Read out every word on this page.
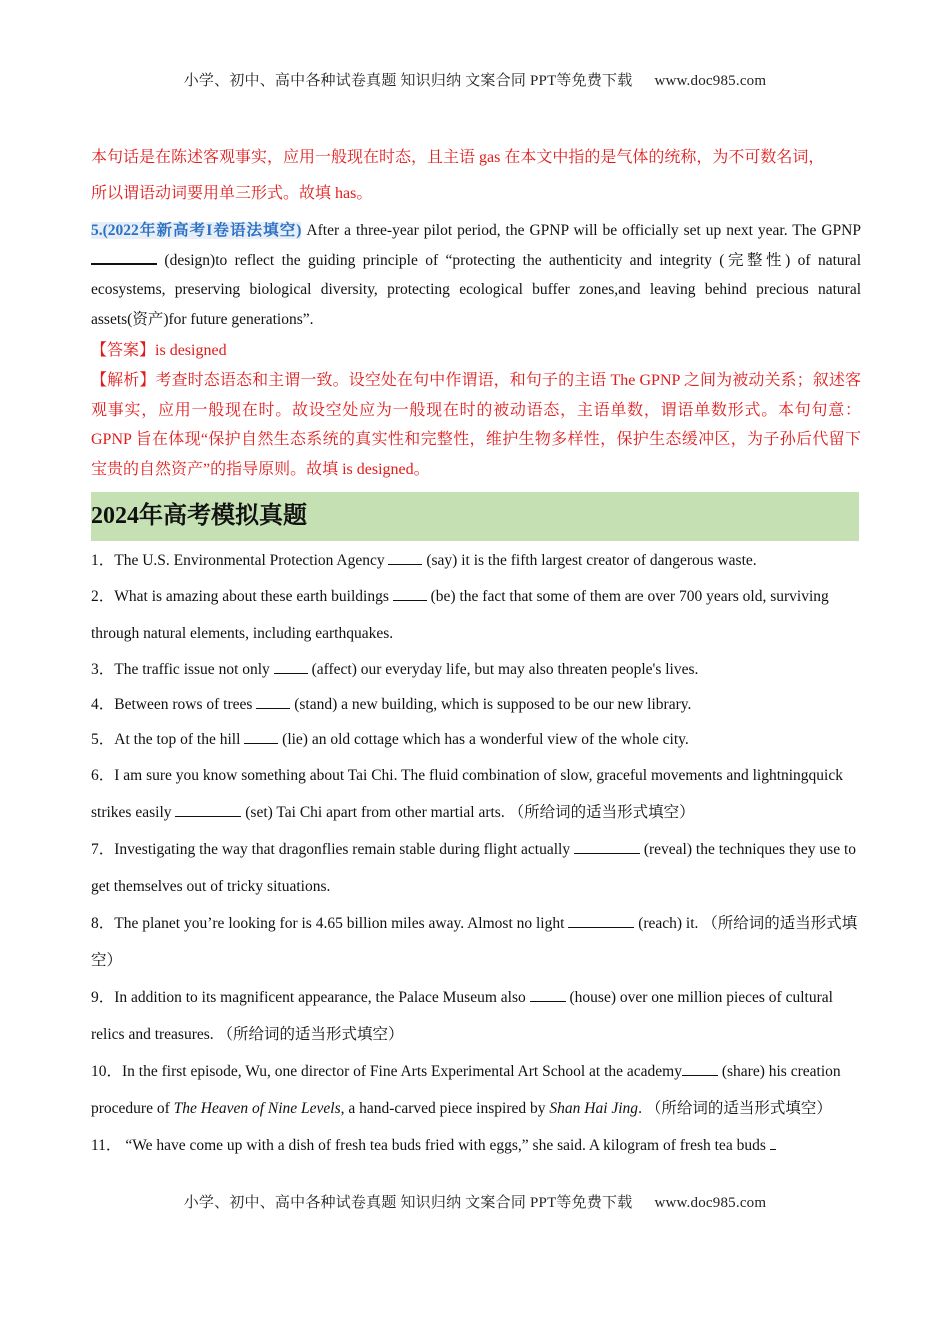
小学、初中、高中各种试卷真题 知识归纳 文案合同 PPT等免费下载 www.doc985.com

本句话是在陈述客观事实，应用一般现在时态，且主语 gas 在本文中指的是气体的统称，为不可数名词，

所以谓语动词要用单三形式。故填 has。

5.(2022年新高考I卷语法填空) After a three-year pilot period, the GPNP will be officially set up next year. The GPNP  (design)to reflect the guiding principle of “protecting the authenticity and integrity (完整性) of natural ecosystems, preserving biological diversity, protecting ecological buffer zones,and leaving behind precious natural assets(资产)for future generations”.

【答案】is designed

【解析】考查时态语态和主谓一致。设空处在句中作谓语，和句子的主语 The GPNP 之间为被动关系；叙述客观事实，应用一般现在时。故设空处应为一般现在时的被动语态，主语单数，谓语单数形式。本句句意：GPNP 旨在体现“保护自然生态系统的真实性和完整性，维护生物多样性，保护生态缓冲区，为子孙后代留下宝贵的自然资产”的指导原则。故填 is designed。

2024年高考模拟真题

1．The U.S. Environmental Protection Agency  (say) it is the fifth largest creator of dangerous waste.

2．What is amazing about these earth buildings  (be) the fact that some of them are over 700 years old, surviving through natural elements, including earthquakes.

3．The traffic issue not only  (affect) our everyday life, but may also threaten people's lives.

4．Between rows of trees  (stand) a new building, which is supposed to be our new library.

5．At the top of the hill  (lie) an old cottage which has a wonderful view of the whole city.

6．I am sure you know something about Tai Chi. The fluid combination of slow, graceful movements and lightningquick strikes easily	(set) Tai Chi apart from other martial arts. （所给词的适当形式填空）

7．Investigating the way that dragonflies remain stable during flight actually	(reveal) the techniques they use to get themselves out of tricky situations.

8．The planet you’re looking for is 4.65 billion miles away. Almost no light	(reach) it. （所给词的适当形式填空）

9．In addition to its magnificent appearance, the Palace Museum also  (house) over one million pieces of cultural relics and treasures. （所给词的适当形式填空）

10．In the first episode, Wu, one director of Fine Arts Experimental Art School at the academy (share) his creation procedure of The Heaven of Nine Levels, a hand-carved piece inspired by Shan Hai Jing. （所给词的适当形式填空）

11． “We have come up with a dish of fresh tea buds fried with eggs,” she said. A kilogram of fresh tea buds

小学、初中、高中各种试卷真题 知识归纳 文案合同 PPT等免费下载 www.doc985.com
